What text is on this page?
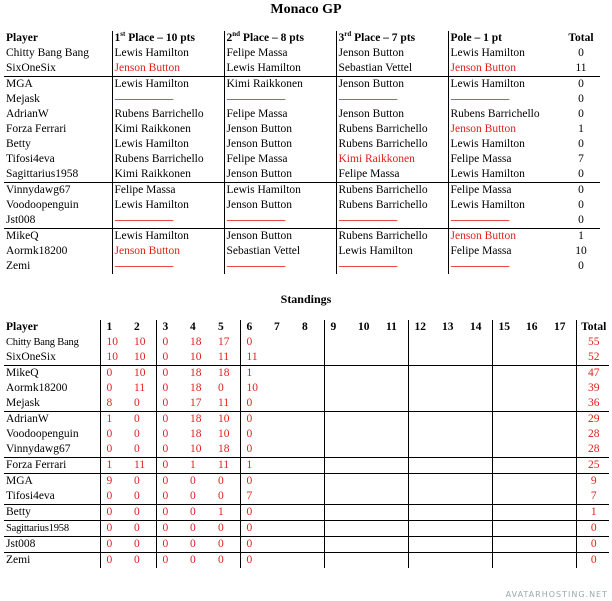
Monaco GP
Player	1st Place – 10 pts	2nd Place – 8 pts	3rd Place – 7 pts	Pole – 1 pt	Total
Chitty Bang Bang	Lewis Hamilton	Felipe Massa	Jenson Button	Lewis Hamilton	0
SixOneSix	Jenson Button	Lewis Hamilton	Sebastian Vettel	Jenson Button	11
MGA	Lewis Hamilton	Kimi Raikkonen	Jenson Button	Lewis Hamilton	0
Mejask	-------------------------	-------------------------	-------------------------	-------------------------	0
AdrianW	Rubens Barrichello	Felipe Massa	Jenson Button	Rubens Barrichello	0
Forza Ferrari	Kimi Raikkonen	Jenson Button	Rubens Barrichello	Jenson Button	1
Betty	Lewis Hamilton	Jenson Button	Rubens Barrichello	Lewis Hamilton	0
Tifosi4eva	Rubens Barrichello	Felipe Massa	Kimi Raikkonen	Felipe Massa	7
Sagittarius1958	Kimi Raikkonen	Jenson Button	Felipe Massa	Lewis Hamilton	0
Vinnydawg67	Felipe Massa	Lewis Hamilton	Rubens Barrichello	Felipe Massa	0
Voodoopenguin	Lewis Hamilton	Jenson Button	Rubens Barrichello	Lewis Hamilton	0
Jst008	-------------------------	-------------------------	-------------------------	-------------------------	0
MikeQ	Lewis Hamilton	Jenson Button	Rubens Barrichello	Jenson Button	1
Aormk18200	Jenson Button	Sebastian Vettel	Lewis Hamilton	Felipe Massa	10
Zemi	-------------------------	-------------------------	-------------------------	-------------------------	0
Standings
Player	1	2	3	4	5	6	7	8	9	10	11	12	13	14	15	16	17	Total
Chitty Bang Bang	10	10	0	18	17	0												55
SixOneSix	10	10	0	10	11	11												52
MikeQ	0	10	0	18	18	1												47
Aormk18200	0	11	0	18	0	10												39
Mejask	8	0	0	17	11	0												36
AdrianW	1	0	0	18	10	0												29
Voodoopenguin	0	0	0	18	10	0												28
Vinnydawg67	0	0	0	10	18	0												28
Forza Ferrari	1	11	0	1	11	1												25
MGA	9	0	0	0	0	0												9
Tifosi4eva	0	0	0	0	0	7												7
Betty	0	0	0	0	1	0												1
Sagittarius1958	0	0	0	0	0	0												0
Jst008	0	0	0	0	0	0												0
Zemi	0	0	0	0	0	0												0
AVATARHOSTING.NET
